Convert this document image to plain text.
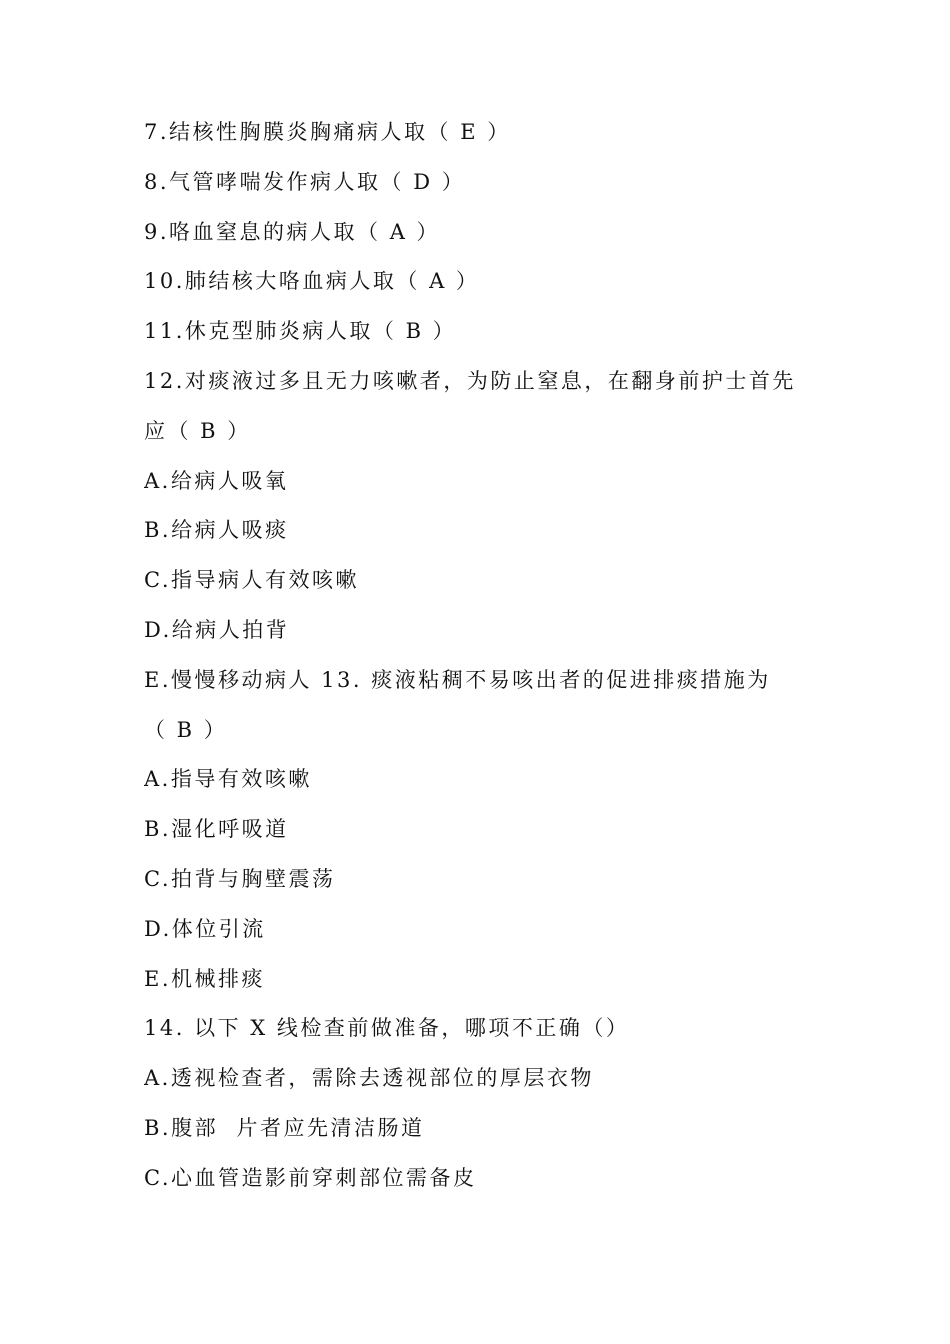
7.结核性胸膜炎胸痛病人取（ E ）
8.气管哮喘发作病人取（ D ）
9.咯血窒息的病人取（ A ）
10.肺结核大咯血病人取（ A ）
11.休克型肺炎病人取（ B ）
12.对痰液过多且无力咳嗽者，为防止窒息，在翻身前护士首先
应（ B ）
A.给病人吸氧
B.给病人吸痰
C.指导病人有效咳嗽
D.给病人拍背
E.慢慢移动病人 13. 痰液粘稠不易咳出者的促进排痰措施为
（ B ）
A.指导有效咳嗽
B.湿化呼吸道
C.拍背与胸壁震荡
D.体位引流
E.机械排痰
14. 以下 X 线检查前做准备，哪项不正确（）
A.透视检查者，需除去透视部位的厚层衣物
B.腹部  片者应先清洁肠道
C.心血管造影前穿刺部位需备皮
